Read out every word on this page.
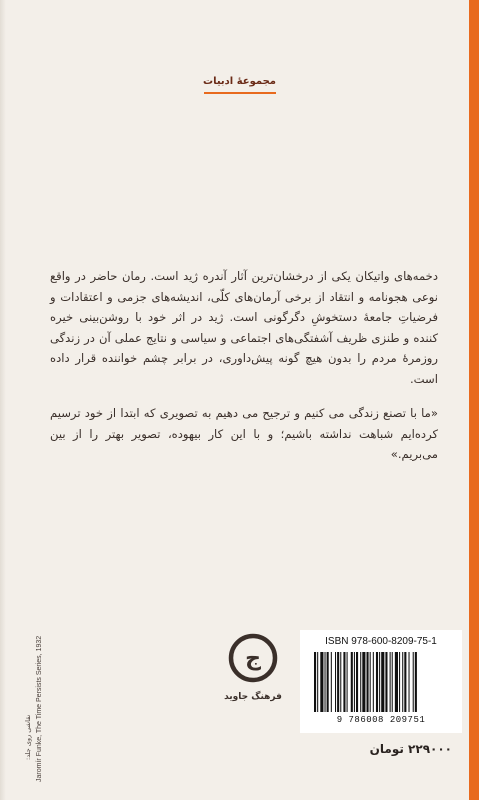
مجموعهٔ ادبیات

دخمه‌های واتیکان یکی از درخشان‌ترین آثار آندره ژید است. رمان حاضر در واقع نوعی هجونامه و انتقاد از برخی آرمان‌های کلّی، اندیشه‌های جزمی و اعتقادات و فرضیاتِ جامعهٔ دستخوشِ دگرگونی است. ژید در اثر خود با روشن‌بینی خیره کننده و طنزی ظریف آشفتگی‌های اجتماعی و سیاسی و نتایج عملی آن در زندگی روزمرهٔ مردم را بدون هیچ گونه پیش‌داوری، در برابر چشم خواننده قرار داده است.

«ما با تصنع زندگی می کنیم و ترجیح می دهیم به تصویری که ابتدا از خود ترسیم کرده‌ایم شباهت نداشته باشیم؛ و با این کار بیهوده، تصویر بهتر را از بین می‌بریم.»

Jaromír Funke, The Time Persists Series, 1932
نقاشی روی جلد:
ج
فرهنگ جاوید
ISBN 978-600-8209-75-1
9 786008 209751
۲۲۹۰۰۰ تومان
